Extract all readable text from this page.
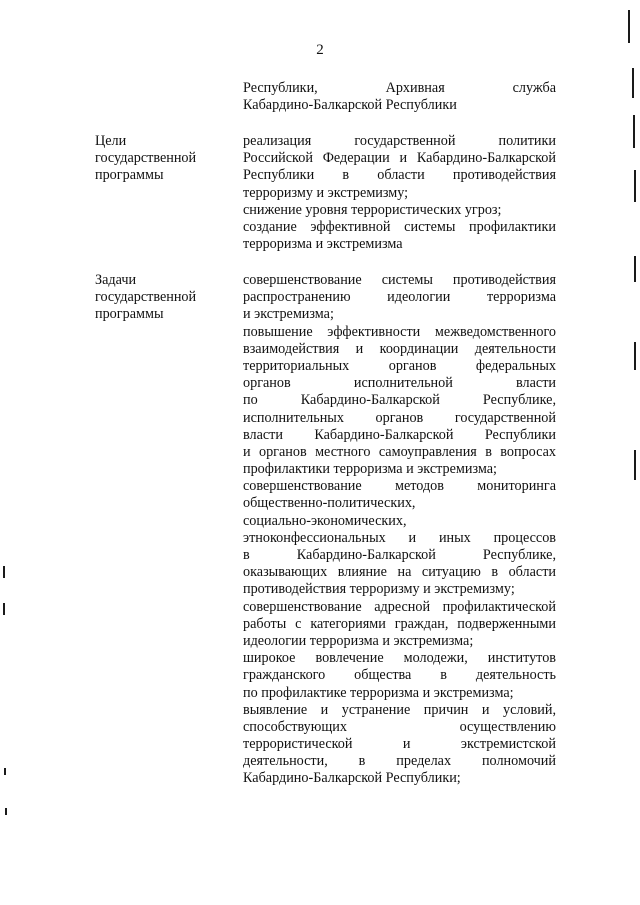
2
Республики, Архивная служба
Кабардино-Балкарской Республики
Цели
государственной
программы
реализация государственной политики
Российской Федерации и Кабардино-Балкарской
Республики в области противодействия
терроризму и экстремизму;
снижение уровня террористических угроз;
создание эффективной системы профилактики
терроризма и экстремизма
Задачи
государственной
программы
совершенствование системы противодействия
распространению идеологии терроризма
и экстремизма;
повышение эффективности межведомственного
взаимодействия и координации деятельности
территориальных органов федеральных
органов исполнительной власти
по Кабардино-Балкарской Республике,
исполнительных органов государственной
власти Кабардино-Балкарской Республики
и органов местного самоуправления в вопросах
профилактики терроризма и экстремизма;
совершенствование методов мониторинга
общественно-политических,
социально-экономических,
этноконфессиональных и иных процессов
в Кабардино-Балкарской Республике,
оказывающих влияние на ситуацию в области
противодействия терроризму и экстремизму;
совершенствование адресной профилактической
работы с категориями граждан, подверженными
идеологии терроризма и экстремизма;
широкое вовлечение молодежи, институтов
гражданского общества в деятельность
по профилактике терроризма и экстремизма;
выявление и устранение причин и условий,
способствующих осуществлению
террористической и экстремистской
деятельности, в пределах полномочий
Кабардино-Балкарской Республики;
